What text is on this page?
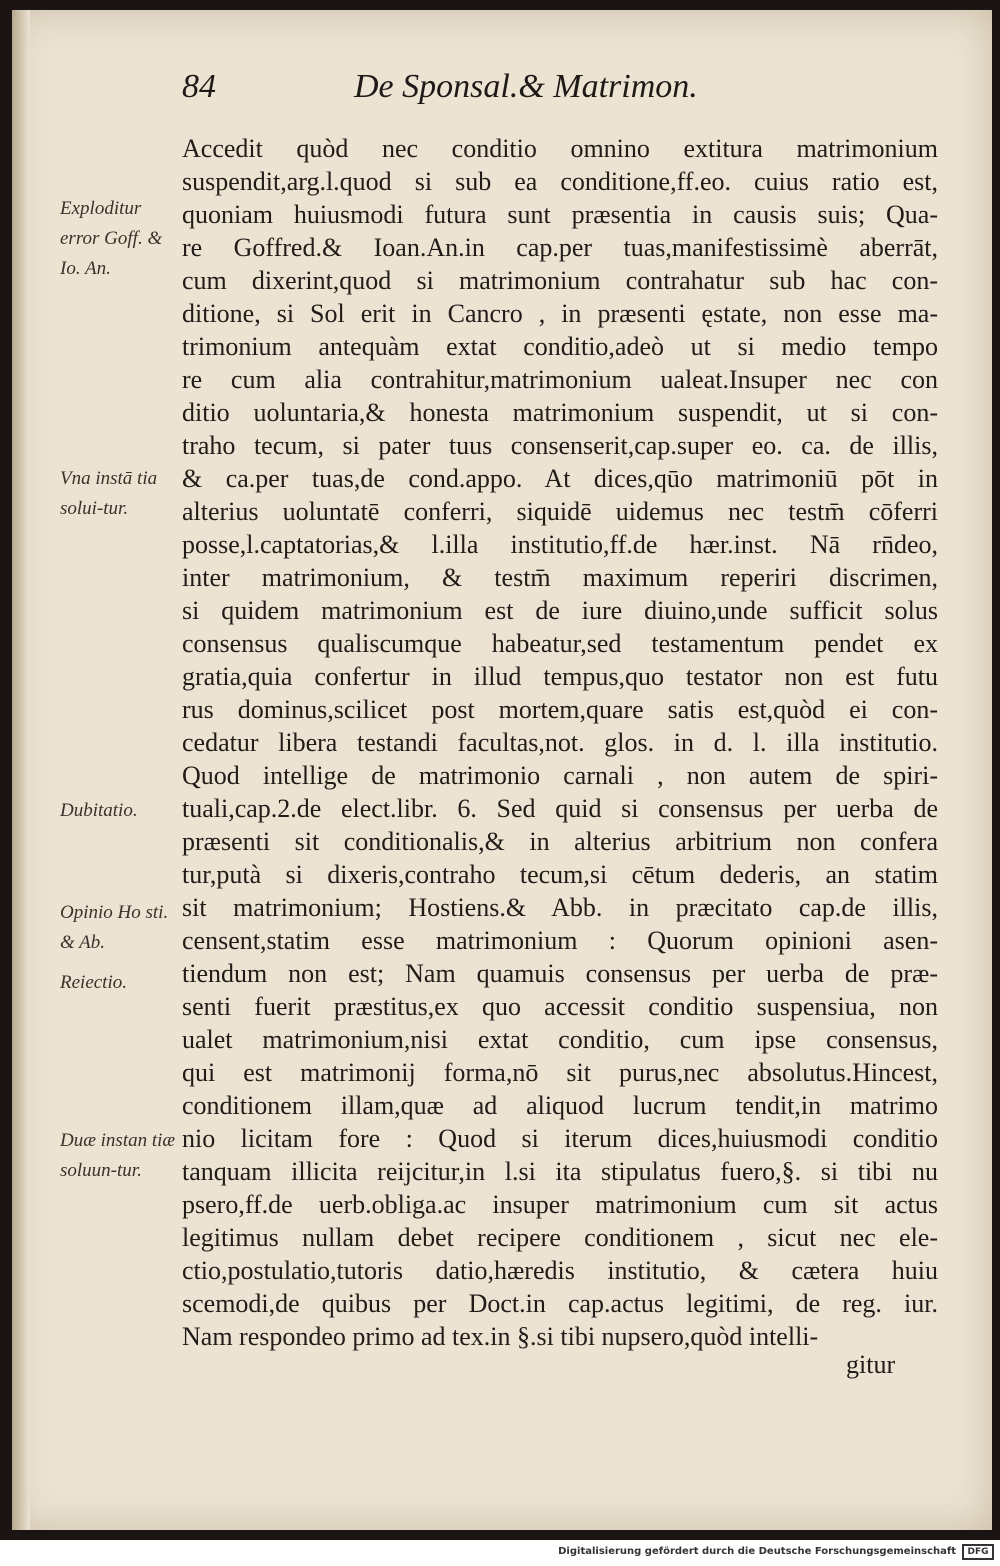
84	De Sponsal.& Matrimon.
Exploditur error Goff. & Io. An.
Vna instā tia solui-tur.
Dubitatio.
Opinio Ho sti. & Ab.
Reiectio.
Duæ instan tiæ soluun-tur.
Accedit quòd nec conditio omnino extitura matrimonium
suspendit,arg.l.quod si sub ea conditione,ff.eo. cuius ratio est,
quoniam huiusmodi futura sunt præsentia in causis suis; Qua-
re Goffred.& Ioan.An.in cap.per tuas,manifestissimè aberrāt,
cum dixerint,quod si matrimonium contrahatur sub hac con-
ditione, si Sol erit in Cancro , in præsenti ęstate, non esse ma-
trimonium antequàm extat conditio,adeò ut si medio tempo
re cum alia contrahitur,matrimonium ualeat.Insuper nec con
ditio uoluntaria,& honesta matrimonium suspendit, ut si con-
traho tecum, si pater tuus consenserit,cap.super eo. ca. de illis,
& ca.per tuas,de cond.appo. At dices,qūo matrimoniū pōt in
alterius uoluntatē conferri, siquidē uidemus nec testm̄ cōferri
posse,l.captatorias,& l.illa institutio,ff.de hær.inst. Nā rn̄deo,
inter matrimonium, & testm̄ maximum reperiri discrimen,
si quidem matrimonium est de iure diuino,unde sufficit solus
consensus qualiscumque habeatur,sed testamentum pendet ex
gratia,quia confertur in illud tempus,quo testator non est futu
rus dominus,scilicet post mortem,quare satis est,quòd ei con-
cedatur libera testandi facultas,not. glos. in d. l. illa institutio.
Quod intellige de matrimonio carnali , non autem de spiri-
tuali,cap.2.de elect.libr. 6. Sed quid si consensus per uerba de
præsenti sit conditionalis,& in alterius arbitrium non confera
tur,putà si dixeris,contraho tecum,si cētum dederis, an statim
sit matrimonium; Hostiens.& Abb. in præcitato cap.de illis,
censent,statim esse matrimonium : Quorum opinioni asen-
tiendum non est; Nam quamuis consensus per uerba de præ-
senti fuerit præstitus,ex quo accessit conditio suspensiua, non
ualet matrimonium,nisi extat conditio, cum ipse consensus,
qui est matrimonij forma,nō sit purus,nec absolutus.Hincest,
conditionem illam,quæ ad aliquod lucrum tendit,in matrimo
nio licitam fore : Quod si iterum dices,huiusmodi conditio
tanquam illicita reijcitur,in l.si ita stipulatus fuero,§. si tibi nu
psero,ff.de uerb.obliga.ac insuper matrimonium cum sit actus
legitimus nullam debet recipere conditionem , sicut nec ele-
ctio,postulatio,tutoris datio,hæredis institutio, & cætera huiu
scemodi,de quibus per Doct.in cap.actus legitimi, de reg. iur.
Nam respondeo primo ad tex.in §.si tibi nupsero,quòd intelli-
gitur
Digitalisierung gefördert durch die Deutsche Forschungsgemeinschaft	DFG
